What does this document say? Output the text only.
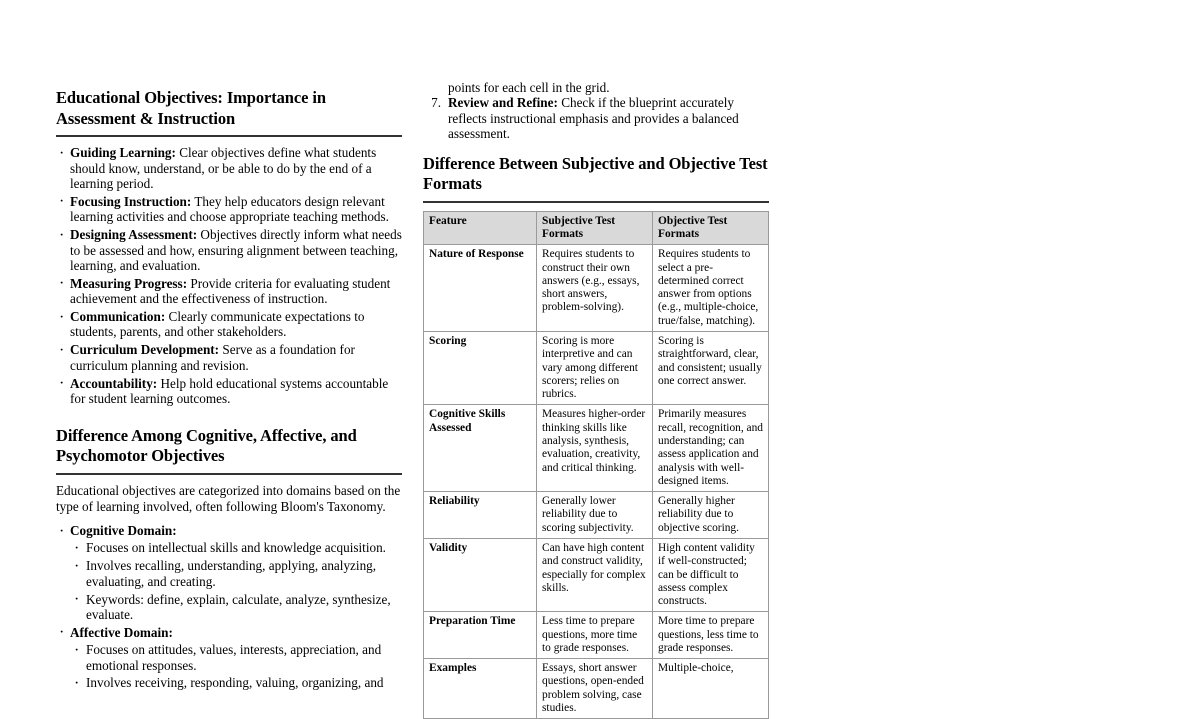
Educational Objectives: Importance in Assessment & Instruction
· Guiding Learning: Clear objectives define what students should know, understand, or be able to do by the end of a learning period.
· Focusing Instruction: They help educators design relevant learning activities and choose appropriate teaching methods.
· Designing Assessment: Objectives directly inform what needs to be assessed and how, ensuring alignment between teaching, learning, and evaluation.
· Measuring Progress: Provide criteria for evaluating student achievement and the effectiveness of instruction.
· Communication: Clearly communicate expectations to students, parents, and other stakeholders.
· Curriculum Development: Serve as a foundation for curriculum planning and revision.
· Accountability: Help hold educational systems accountable for student learning outcomes.
Difference Among Cognitive, Affective, and Psychomotor Objectives

Educational objectives are categorized into domains based on the type of learning involved, often following Bloom's Taxonomy.

· Cognitive Domain:
· Focuses on intellectual skills and knowledge acquisition.
· Involves recalling, understanding, applying, analyzing, evaluating, and creating.
· Keywords: define, explain, calculate, analyze, synthesize, evaluate.
· Affective Domain:
· Focuses on attitudes, values, interests, appreciation, and emotional responses.
· Involves receiving, responding, valuing, organizing, and

points for each cell in the grid.

7. Review and Refine: Check if the blueprint accurately reflects instructional emphasis and provides a balanced assessment.
Difference Between Subjective and Objective Test Formats
Feature	Subjective Test Formats	Objective Test Formats
Nature of Response	Requires students to construct their own answers (e.g., essays, short answers, problem-solving).	Requires students to select a pre-determined correct answer from options (e.g., multiple-choice, true/false, matching).
Scoring	Scoring is more interpretive and can vary among different scorers; relies on rubrics.	Scoring is straightforward, clear, and consistent; usually one correct answer.
Cognitive Skills Assessed	Measures higher-order thinking skills like analysis, synthesis, evaluation, creativity, and critical thinking.	Primarily measures recall, recognition, and understanding; can assess application and analysis with well-designed items.
Reliability	Generally lower reliability due to scoring subjectivity.	Generally higher reliability due to objective scoring.
Validity	Can have high content and construct validity, especially for complex skills.	High content validity if well-constructed; can be difficult to assess complex constructs.
Preparation Time	Less time to prepare questions, more time to grade responses.	More time to prepare questions, less time to grade responses.
Examples	Essays, short answer questions, open-ended problem solving, case studies.	Multiple-choice,
